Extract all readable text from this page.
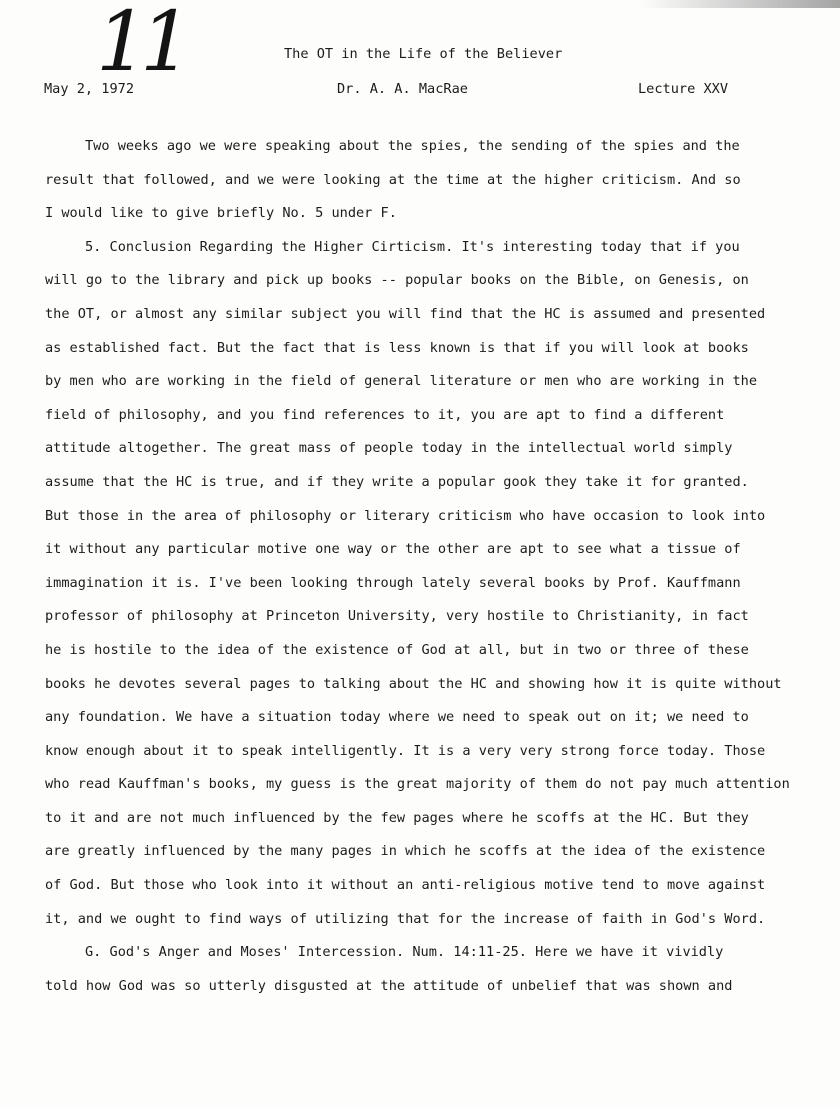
11	The OT in the Life of the Believer
May 2, 1972	Dr. A. A. MacRae	Lecture XXV
Two weeks ago we were speaking about the spies, the sending of the spies and the
result that followed, and we were looking at the time at the higher criticism. And so
I would like to give briefly No. 5 under F.
5. Conclusion Regarding the Higher Cirticism. It's interesting today that if you
will go to the library and pick up books -- popular books on the Bible, on Genesis, on
the OT, or almost any similar subject you will find that the HC is assumed and presented
as established fact. But the fact that is less known is that if you will look at books
by men who are working in the field of general literature or men who are working in the
field of philosophy, and you find references to it, you are apt to find a different
attitude altogether. The great mass of people today in the intellectual world simply
assume that the HC is true, and if they write a popular gook they take it for granted.
But those in the area of philosophy or literary criticism who have occasion to look into
it without any particular motive one way or the other are apt to see what a tissue of
immagination it is. I've been looking through lately several books by Prof. Kauffmann
professor of philosophy at Princeton University, very hostile to Christianity, in fact
he is hostile to the idea of the existence of God at all, but in two or three of these
books he devotes several pages to talking about the HC and showing how it is quite without
any foundation. We have a situation today where we need to speak out on it; we need to
know enough about it to speak intelligently. It is a very very strong force today. Those
who read Kauffman's books, my guess is the great majority of them do not pay much attention
to it and are not much influenced by the few pages where he scoffs at the HC. But they
are greatly influenced by the many pages in which he scoffs at the idea of the existence
of God. But those who look into it without an anti-religious motive tend to move against
it, and we ought to find ways of utilizing that for the increase of faith in God's Word.
G. God's Anger and Moses' Intercession. Num. 14:11-25. Here we have it vividly
told how God was so utterly disgusted at the attitude of unbelief that was shown and
